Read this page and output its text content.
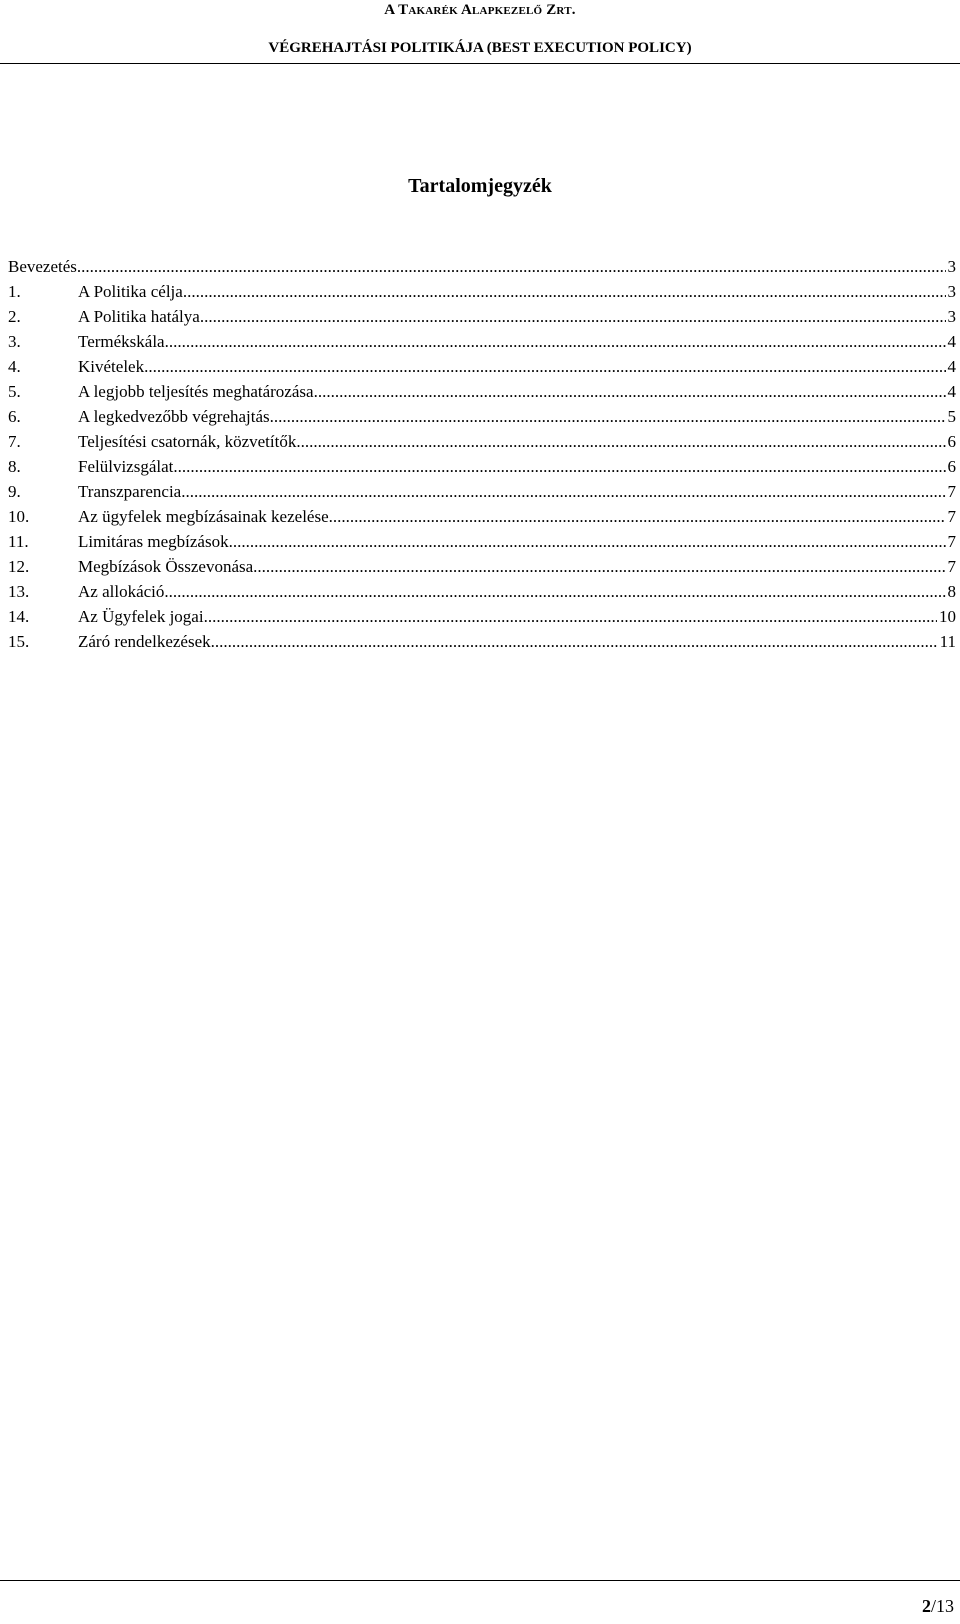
A Takarék Alapkezelő Zrt.
VÉGREHAJTÁSI POLITIKÁJA (BEST EXECUTION POLICY)
Tartalomjegyzék
Bevezetés .....	3
1.	A Politika célja .....	3
2.	A Politika hatálya .....	3
3.	Termékskála .....	4
4.	Kivételek .....	4
5.	A legjobb teljesítés meghatározása .....	4
6.	A legkedvezőbb végrehajtás .....	5
7.	Teljesítési csatornák, közvetítők .....	6
8.	Felülvizsgálat .....	6
9.	Transzparencia .....	7
10.	Az ügyfelek megbízásainak kezelése .....	7
11.	Limitáras megbízások .....	7
12.	Megbízások Összevonása .....	7
13.	Az allokáció .....	8
14.	Az Ügyfelek jogai .....	10
15.	Záró rendelkezések .....	11
2/13
